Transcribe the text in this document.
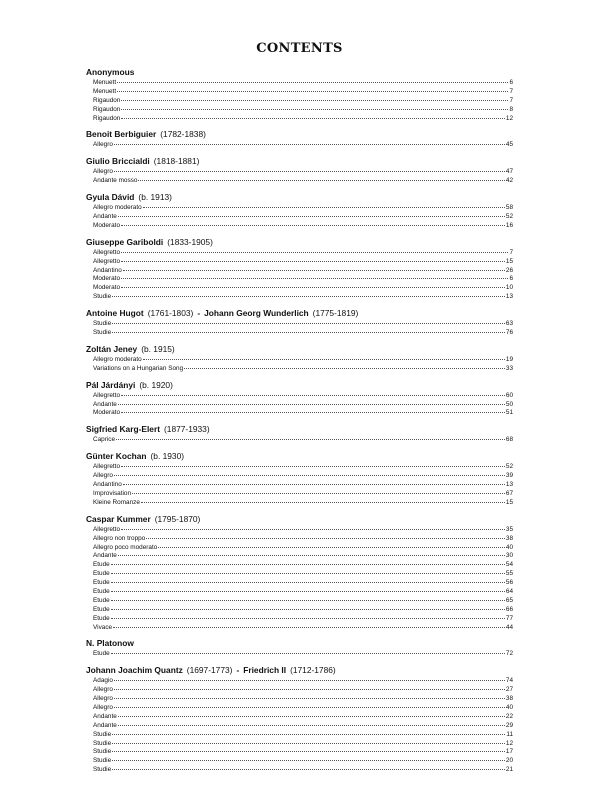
CONTENTS
Anonymous
Menuett	6
Menuett	7
Rigaudon	7
Rigaudon	8
Rigaudon	12
Benoit Berbiguier (1782-1838)
Allegro	45
Giulio Briccialdi (1818-1881)
Allegro	47
Andante mosso	42
Gyula Dávid (b. 1913)
Allegro moderato	58
Andante	52
Moderato	16
Giuseppe Gariboldi (1833-1905)
Allegretto	7
Allegretto	15
Andantino	26
Moderato	6
Moderato	10
Studie	13
Antoine Hugot (1761-1803) - Johann Georg Wunderlich (1775-1819)
Studie	63
Studie	76
Zoltán Jeney (b. 1915)
Allegro moderato	19
Variations on a Hungarian Song	33
Pál Járdányi (b. 1920)
Allegretto	60
Andante	50
Moderato	51
Sigfried Karg-Elert (1877-1933)
Caprice	68
Günter Kochan (b. 1930)
Allegretto	52
Allegro	39
Andantino	13
Improvisation	67
Kleine Romanze	15
Caspar Kummer (1795-1870)
Allegretto	35
Allegro non troppo	38
Allegro poco moderato	40
Andante	30
Etude	54
Etude	55
Etude	56
Etude	64
Etude	65
Etude	66
Etude	77
Vivace	44
N. Platonow
Etude	72
Johann Joachim Quantz (1697-1773) - Friedrich II (1712-1786)
Adagio	74
Allegro	27
Allegro	38
Allegro	40
Andante	22
Andante	29
Studie	11
Studie	12
Studie	17
Studie	20
Studie	21
